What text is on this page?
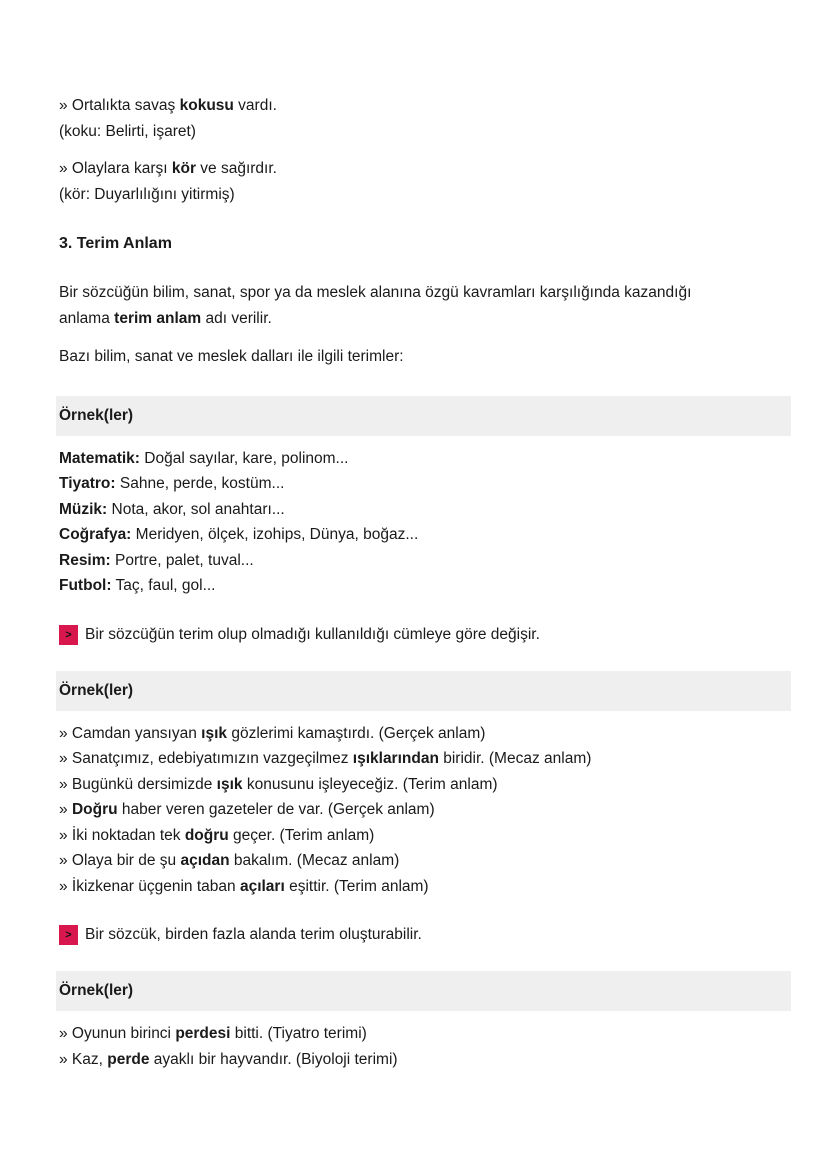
» Ortalıkta savaş kokusu vardı.
(koku: Belirti, işaret)
» Olaylara karşı kör ve sağırdır.
(kör: Duyarlılığını yitirmiş)
3. Terim Anlam
Bir sözcüğün bilim, sanat, spor ya da meslek alanına özgü kavramları karşılığında kazandığı
anlama terim anlam adı verilir.
Bazı bilim, sanat ve meslek dalları ile ilgili terimler:
Örnek(ler)
Matematik: Doğal sayılar, kare, polinom...
Tiyatro: Sahne, perde, kostüm...
Müzik: Nota, akor, sol anahtarı...
Coğrafya: Meridyen, ölçek, izohips, Dünya, boğaz...
Resim: Portre, palet, tuval...
Futbol: Taç, faul, gol...
> Bir sözcüğün terim olup olmadığı kullanıldığı cümleye göre değişir.
Örnek(ler)
» Camdan yansıyan ışık gözlerimi kamaştırdı. (Gerçek anlam)
» Sanatçımız, edebiyatımızın vazgeçilmez ışıklarından biridir. (Mecaz anlam)
» Bugünkü dersimizde ışık konusunu işleyeceğiz. (Terim anlam)
» Doğru haber veren gazeteler de var. (Gerçek anlam)
» İki noktadan tek doğru geçer. (Terim anlam)
» Olaya bir de şu açıdan bakalım. (Mecaz anlam)
» İkizkenar üçgenin taban açıları eşittir. (Terim anlam)
> Bir sözcük, birden fazla alanda terim oluşturabilir.
Örnek(ler)
» Oyunun birinci perdesi bitti. (Tiyatro terimi)
» Kaz, perde ayaklı bir hayvandır. (Biyoloji terimi)
